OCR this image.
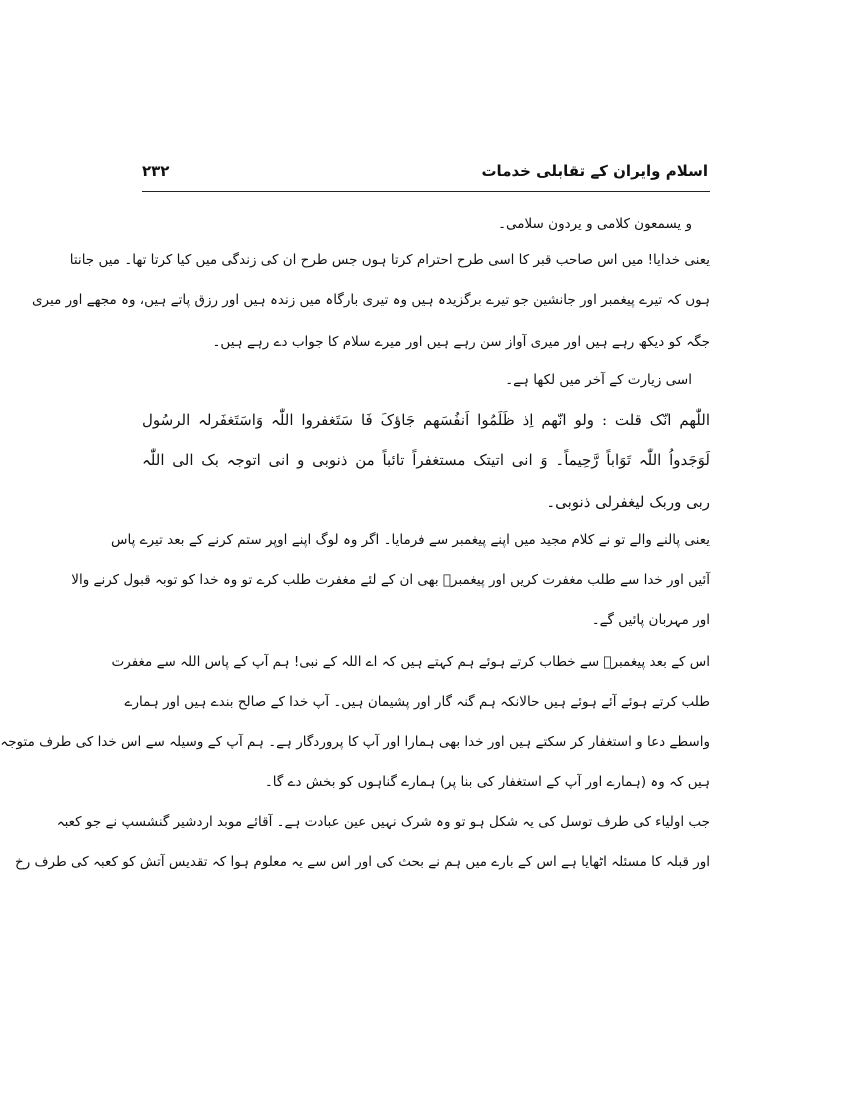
اسلام وایران کے تقابلی خدمات
۲۳۲
و یسمعون کلامی و یردون سلامی۔
یعنی خدایا! میں اس صاحب قبر کا اسی طرح احترام کرتا ہوں جس طرح ان کی زندگی میں کیا کرتا تھا۔ میں جانتا
ہوں کہ تیرے پیغمبر اور جانشین جو تیرے برگزیدہ ہیں وہ تیری بارگاہ میں زندہ ہیں اور رزق پاتے ہیں، وہ مجھے اور میری
جگہ کو دیکھ رہے ہیں اور میری آواز سن رہے ہیں اور میرے سلام کا جواب دے رہے ہیں۔
اسی زیارت کے آخر میں لکھا ہے۔
اللّٰھم انّک قلت : ولو انّھم اِذ ظَلَمُوا اَنفُسَھم جَاؤکَ فَا سَتَغفروا اللّٰہ وَاسَتَغفَرلہ الرسُول
لَوَجَدواُ اللّٰہ تَوَاباً رَّحِیماً۔ وَ انی اتیتک مستغفراً تائباً من ذنوبی و انی اتوجہ بک الی اللّٰہ
ربی وربک لیغفرلی ذنوبی۔
یعنی پالنے والے تو نے کلام مجید میں اپنے پیغمبر سے فرمایا۔ اگر وہ لوگ اپنے اوپر ستم کرنے کے بعد تیرے پاس
آئیں اور خدا سے طلب مغفرت کریں اور پیغمبرؐ بھی ان کے لئے مغفرت طلب کرے تو وہ خدا کو توبہ قبول کرنے والا
اور مہربان پائیں گے۔
اس کے بعد پیغمبرؐ سے خطاب کرتے ہوئے ہم کہتے ہیں کہ اے اللہ کے نبی! ہم آپ کے پاس اللہ سے مغفرت
طلب کرتے ہوئے آئے ہوئے ہیں حالانکہ ہم گنہ گار اور پشیمان ہیں۔ آپ خدا کے صالح بندے ہیں اور ہمارے
واسطے دعا و استغفار کر سکتے ہیں اور خدا بھی ہمارا اور آپ کا پروردگار ہے۔ ہم آپ کے وسیلہ سے اس خدا کی طرف متوجہ
ہیں کہ وہ (ہمارے اور آپ کے استغفار کی بنا پر) ہمارے گناہوں کو بخش دے گا۔
جب اولیاء کی طرف توسل کی یہ شکل ہو تو وہ شرک نہیں عین عبادت ہے۔ آقائے موبد اردشیر گنشسپ نے جو کعبہ
اور قبلہ کا مسئلہ اٹھایا ہے اس کے بارے میں ہم نے بحث کی اور اس سے یہ معلوم ہوا کہ تقدیس آتش کو کعبہ کی طرف رخ
